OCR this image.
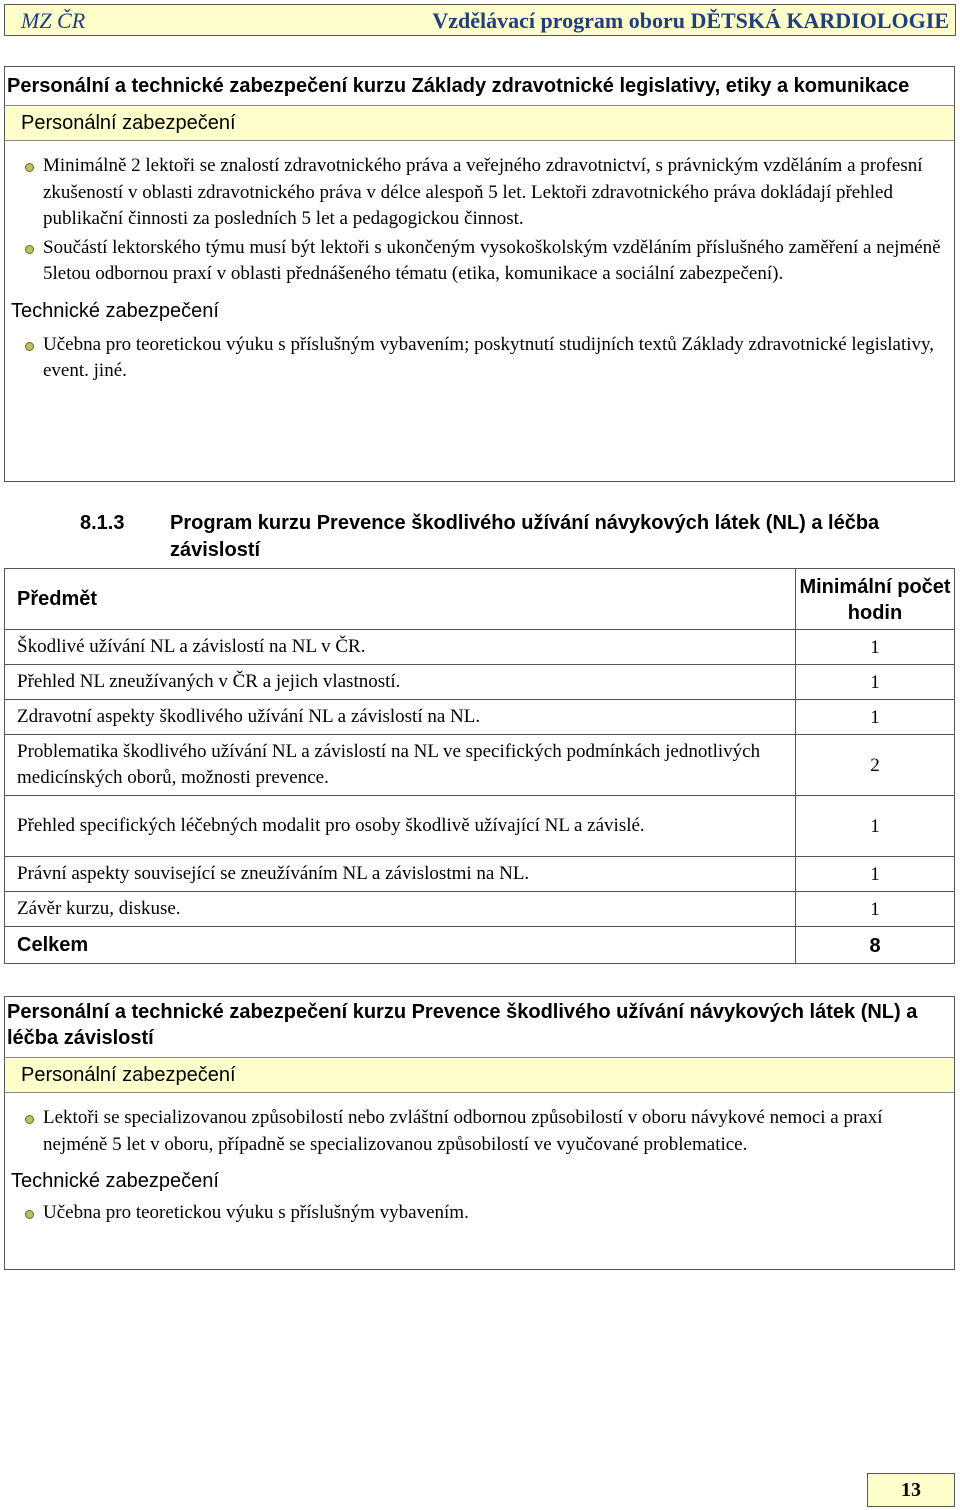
MZ ČR	Vzdělávací program oboru DĚTSKÁ KARDIOLOGIE
Personální a technické zabezpečení kurzu Základy zdravotnické legislativy, etiky a komunikace
Personální zabezpečení
Minimálně 2 lektoři se znalostí zdravotnického práva a veřejného zdravotnictví, s právnickým vzděláním a profesní zkušeností v oblasti zdravotnického práva v délce alespoň 5 let. Lektoři zdravotnického práva dokládají přehled publikační činnosti za posledních 5 let a pedagogickou činnost.
Součástí lektorského týmu musí být lektoři s ukončeným vysokoškolským vzděláním příslušného zaměření a nejméně 5letou odbornou praxí v oblasti přednášeného tématu (etika, komunikace a sociální zabezpečení).
Technické zabezpečení
Učebna pro teoretickou výuku s příslušným vybavením; poskytnutí studijních textů Základy zdravotnické legislativy, event. jiné.
8.1.3 Program kurzu Prevence škodlivého užívání návykových látek (NL) a léčba závislostí
Předmět	Minimální počet hodin
Škodlivé užívání NL a závislostí na NL v ČR.	1
Přehled NL zneužívaných v ČR a jejich vlastností.	1
Zdravotní aspekty škodlivého užívání NL a závislostí na NL.	1
Problematika škodlivého užívání NL a závislostí na NL ve specifických podmínkách jednotlivých medicínských oborů, možnosti prevence.	2
Přehled specifických léčebných modalit pro osoby škodlivě užívající NL a závislé.	1
Právní aspekty související se zneužíváním NL a závislostmi na NL.	1
Závěr kurzu, diskuse.	1
Celkem	8
Personální a technické zabezpečení kurzu Prevence škodlivého užívání návykových látek (NL) a léčba závislostí
Personální zabezpečení
Lektoři se specializovanou způsobilostí nebo zvláštní odbornou způsobilostí v oboru návykové nemoci a praxí nejméně 5 let v oboru, případně se specializovanou způsobilostí ve vyučované problematice.
Technické zabezpečení
Učebna pro teoretickou výuku s příslušným vybavením.
13
